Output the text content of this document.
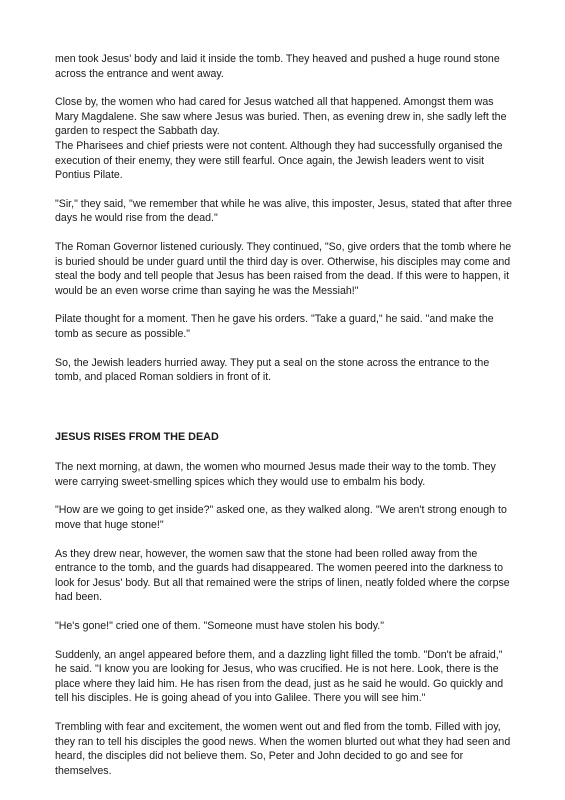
men took Jesus' body and laid it inside the tomb. They heaved and pushed a huge round stone across the entrance and went away.

Close by, the women who had cared for Jesus watched all that happened. Amongst them was Mary Magdalene. She saw where Jesus was buried. Then, as evening drew in, she sadly left the garden to respect the Sabbath day.

The Pharisees and chief priests were not content. Although they had successfully organised the execution of their enemy, they were still fearful. Once again, the Jewish leaders went to visit Pontius Pilate.

"Sir," they said, "we remember that while he was alive, this imposter, Jesus, stated that after three days he would rise from the dead."

The Roman Governor listened curiously. They continued, "So, give orders that the tomb where he is buried should be under guard until the third day is over. Otherwise, his disciples may come and steal the body and tell people that Jesus has been raised from the dead. If this were to happen, it would be an even worse crime than saying he was the Messiah!"

Pilate thought for a moment. Then he gave his orders. "Take a guard," he said. "and make the tomb as secure as possible."

So, the Jewish leaders hurried away. They put a seal on the stone across the entrance to the tomb, and placed Roman soldiers in front of it.

JESUS RISES FROM THE DEAD

The next morning, at dawn, the women who mourned Jesus made their way to the tomb. They were carrying sweet-smelling spices which they would use to embalm his body.

"How are we going to get inside?" asked one, as they walked along. "We aren't strong enough to move that huge stone!"

As they drew near, however, the women saw that the stone had been rolled away from the entrance to the tomb, and the guards had disappeared. The women peered into the darkness to look for Jesus' body. But all that remained were the strips of linen, neatly folded where the corpse had been.

"He's gone!" cried one of them. "Someone must have stolen his body."

Suddenly, an angel appeared before them, and a dazzling light filled the tomb. "Don't be afraid," he said. "I know you are looking for Jesus, who was crucified. He is not here. Look, there is the place where they laid him. He has risen from the dead, just as he said he would. Go quickly and tell his disciples. He is going ahead of you into Galilee. There you will see him."

Trembling with fear and excitement, the women went out and fled from the tomb. Filled with joy, they ran to tell his disciples the good news. When the women blurted out what they had seen and heard, the disciples did not believe them. So, Peter and John decided to go and see for themselves.
